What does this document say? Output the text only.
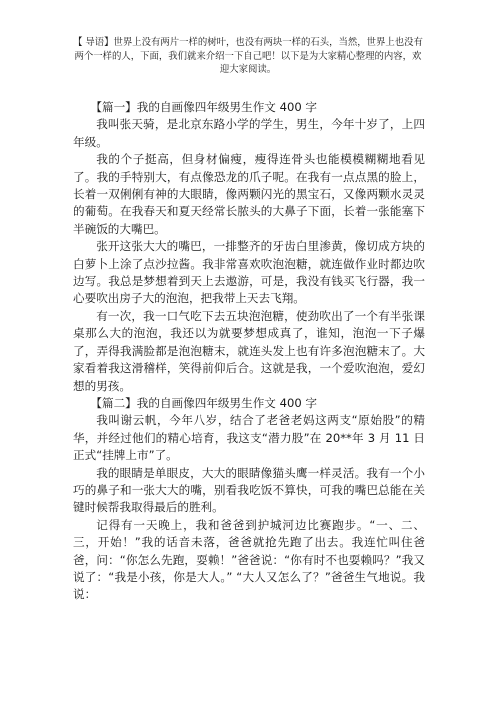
【 导语】世界上没有两片一样的树叶，也没有两块一样的石头，当然，世界上也没有两个一样的人，下面，我们就来介绍一下自己吧！以下是为大家精心整理的内容，欢迎大家阅读。

【篇一】我的自画像四年级男生作文 400 字

我叫张天骑，是北京东路小学的学生，男生，今年十岁了，上四年级。

我的个子挺高，但身材偏瘦，瘦得连骨头也能模模糊糊地看见了。我的手特别大，有点像恐龙的爪子呢。在我有一点点黑的脸上，长着一双俐俐有神的大眼睛，像两颗闪光的黑宝石，又像两颗水灵灵的葡萄。在我春天和夏天经常长脓头的大鼻子下面，长着一张能塞下半碗饭的大嘴巴。

张开这张大大的嘴巴，一排整齐的牙齿白里渗黄，像切成方块的白萝卜上涂了点沙拉酱。我非常喜欢吹泡泡糖，就连做作业时都边吹边写。我总是梦想着到天上去遨游，可是，我没有钱买飞行器，我一心要吹出房子大的泡泡，把我带上天去飞翔。

有一次，我一口气吃下去五块泡泡糖，使劲吹出了一个有半张课桌那么大的泡泡，我还以为就要梦想成真了，谁知，泡泡一下子爆了，弄得我满脸都是泡泡糖末，就连头发上也有许多泡泡糖末了。大家看着我这滑稽样，笑得前仰后合。这就是我，一个爱吹泡泡，爱幻想的男孩。

【篇二】我的自画像四年级男生作文 400 字

我叫谢云帆，今年八岁，结合了老爸老妈这两支“原始股”的精华，并经过他们的精心培育，我这支“潜力股”在 20**年 3 月 11 日正式“挂牌上市”了。

我的眼睛是单眼皮，大大的眼睛像猫头鹰一样灵活。我有一个小巧的鼻子和一张大大的嘴，别看我吃饭不算快，可我的嘴巴总能在关键时候帮我取得最后的胜利。

记得有一天晚上，我和爸爸到护城河边比赛跑步。“一、二、三，开始！”我的话音未落，爸爸就抢先跑了出去。我连忙叫住爸爸，问：“你怎么先跑，耍赖！”爸爸说：“你有时不也耍赖吗？”我又说了：“我是小孩，你是大人。” “大人又怎么了？”爸爸生气地说。我说：
